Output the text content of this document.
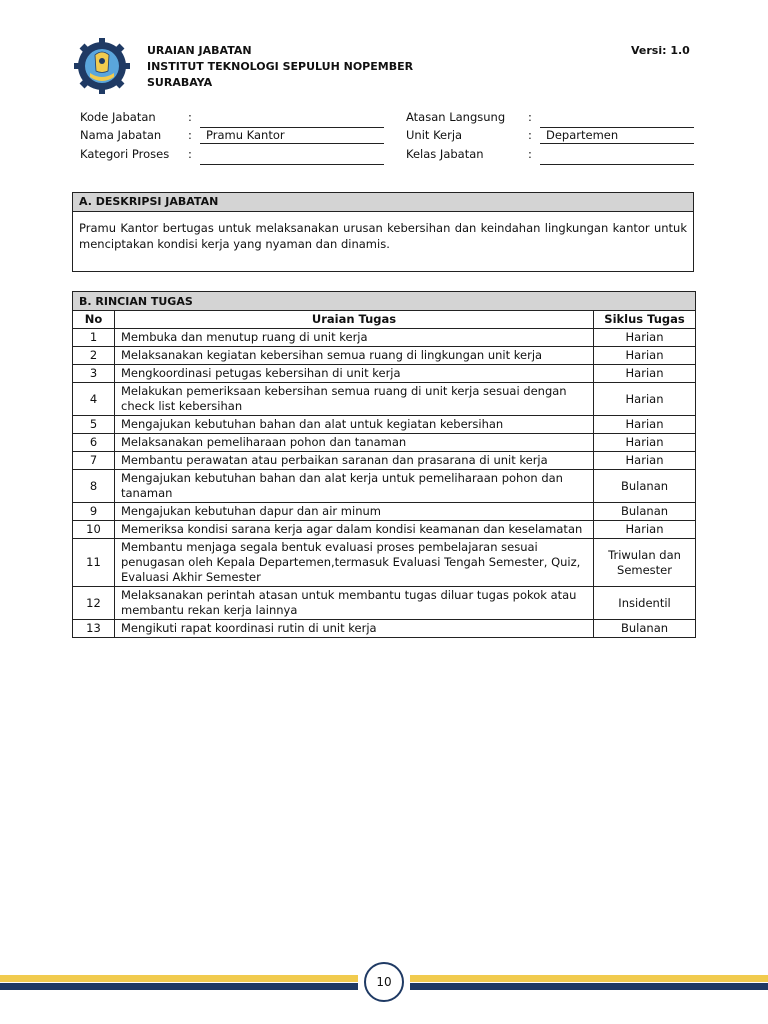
URAIAN JABATAN
INSTITUT TEKNOLOGI SEPULUH NOPEMBER
SURABAYA
Versi: 1.0
Kode Jabatan	:
Nama Jabatan :	Pramu Kantor
Kategori Proses :
Atasan Langsung :
Unit Kerja	:	Departemen
Kelas Jabatan	:
A. DESKRIPSI JABATAN
Pramu Kantor bertugas untuk melaksanakan urusan kebersihan dan keindahan lingkungan kantor untuk menciptakan kondisi kerja yang nyaman dan dinamis.
B. RINCIAN TUGAS		
No	Uraian Tugas	Siklus Tugas
1	Membuka dan menutup ruang di unit kerja	Harian
2	Melaksanakan kegiatan kebersihan semua ruang di lingkungan unit kerja	Harian
3	Mengkoordinasi petugas kebersihan di unit kerja	Harian
4	Melakukan pemeriksaan kebersihan semua ruang di unit kerja sesuai dengan check list kebersihan	Harian
5	Mengajukan kebutuhan bahan dan alat untuk kegiatan kebersihan	Harian
6	Melaksanakan pemeliharaan pohon dan tanaman	Harian
7	Membantu perawatan atau perbaikan saranan dan prasarana di unit kerja	Harian
8	Mengajukan kebutuhan bahan dan alat kerja untuk pemeliharaan pohon dan tanaman	Bulanan
9	Mengajukan kebutuhan dapur dan air minum	Bulanan
10	Memeriksa kondisi sarana kerja agar dalam kondisi keamanan dan keselamatan	Harian
11	Membantu menjaga segala bentuk evaluasi proses pembelajaran sesuai penugasan oleh Kepala Departemen,termasuk Evaluasi Tengah Semester, Quiz, Evaluasi Akhir Semester	Triwulan dan Semester
12	Melaksanakan perintah atasan untuk membantu tugas diluar tugas pokok atau membantu rekan kerja lainnya	Insidentil
13	Mengikuti rapat koordinasi rutin di unit kerja	Bulanan
10
